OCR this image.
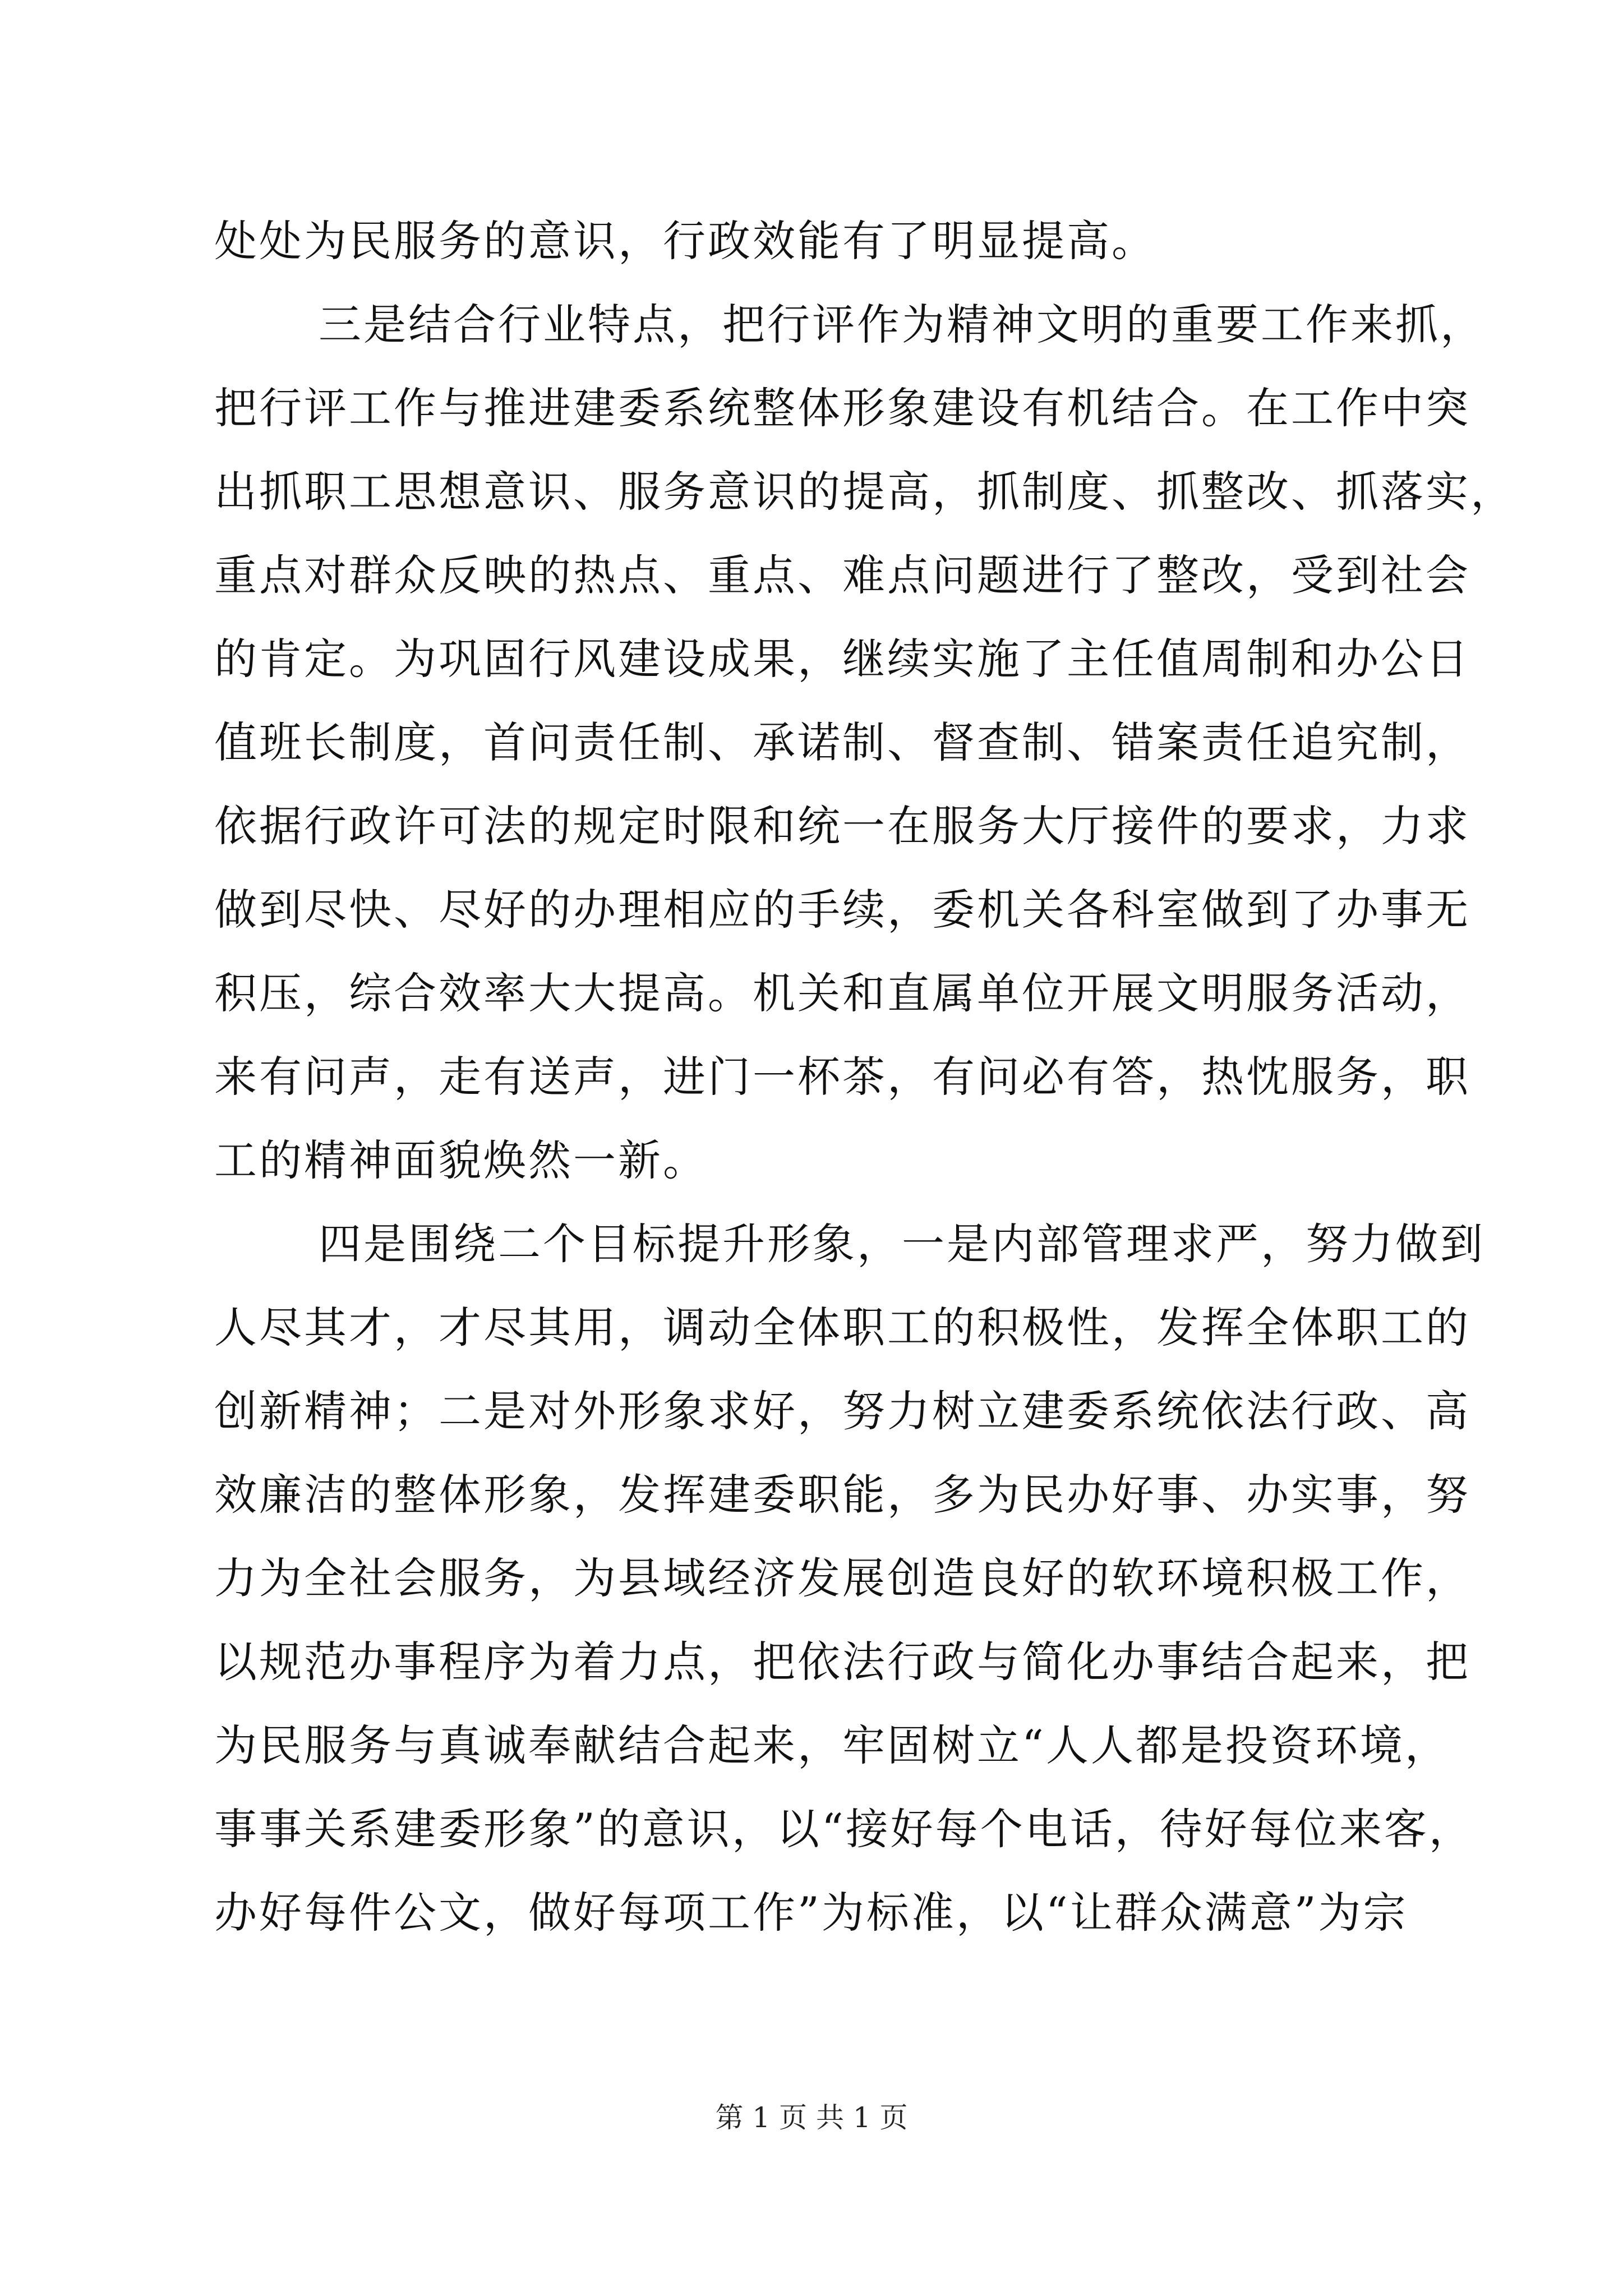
处处为民服务的意识，行政效能有了明显提高。
三是结合行业特点，把行评作为精神文明的重要工作来抓，
把行评工作与推进建委系统整体形象建设有机结合。在工作中突
出抓职工思想意识、服务意识的提高，抓制度、抓整改、抓落实，
重点对群众反映的热点、重点、难点问题进行了整改，受到社会
的肯定。为巩固行风建设成果，继续实施了主任值周制和办公日
值班长制度，首问责任制、承诺制、督查制、错案责任追究制，
依据行政许可法的规定时限和统一在服务大厅接件的要求，力求
做到尽快、尽好的办理相应的手续，委机关各科室做到了办事无
积压，综合效率大大提高。机关和直属单位开展文明服务活动，
来有问声，走有送声，进门一杯茶，有问必有答，热忱服务，职
工的精神面貌焕然一新。
四是围绕二个目标提升形象，一是内部管理求严，努力做到
人尽其才，才尽其用，调动全体职工的积极性，发挥全体职工的
创新精神；二是对外形象求好，努力树立建委系统依法行政、高
效廉洁的整体形象，发挥建委职能，多为民办好事、办实事，努
力为全社会服务，为县域经济发展创造良好的软环境积极工作，
以规范办事程序为着力点，把依法行政与简化办事结合起来，把
为民服务与真诚奉献结合起来，牢固树立“人人都是投资环境，
事事关系建委形象”的意识，以“接好每个电话，待好每位来客，
办好每件公文，做好每项工作”为标准，以“让群众满意”为宗
第 1 页 共 1 页
